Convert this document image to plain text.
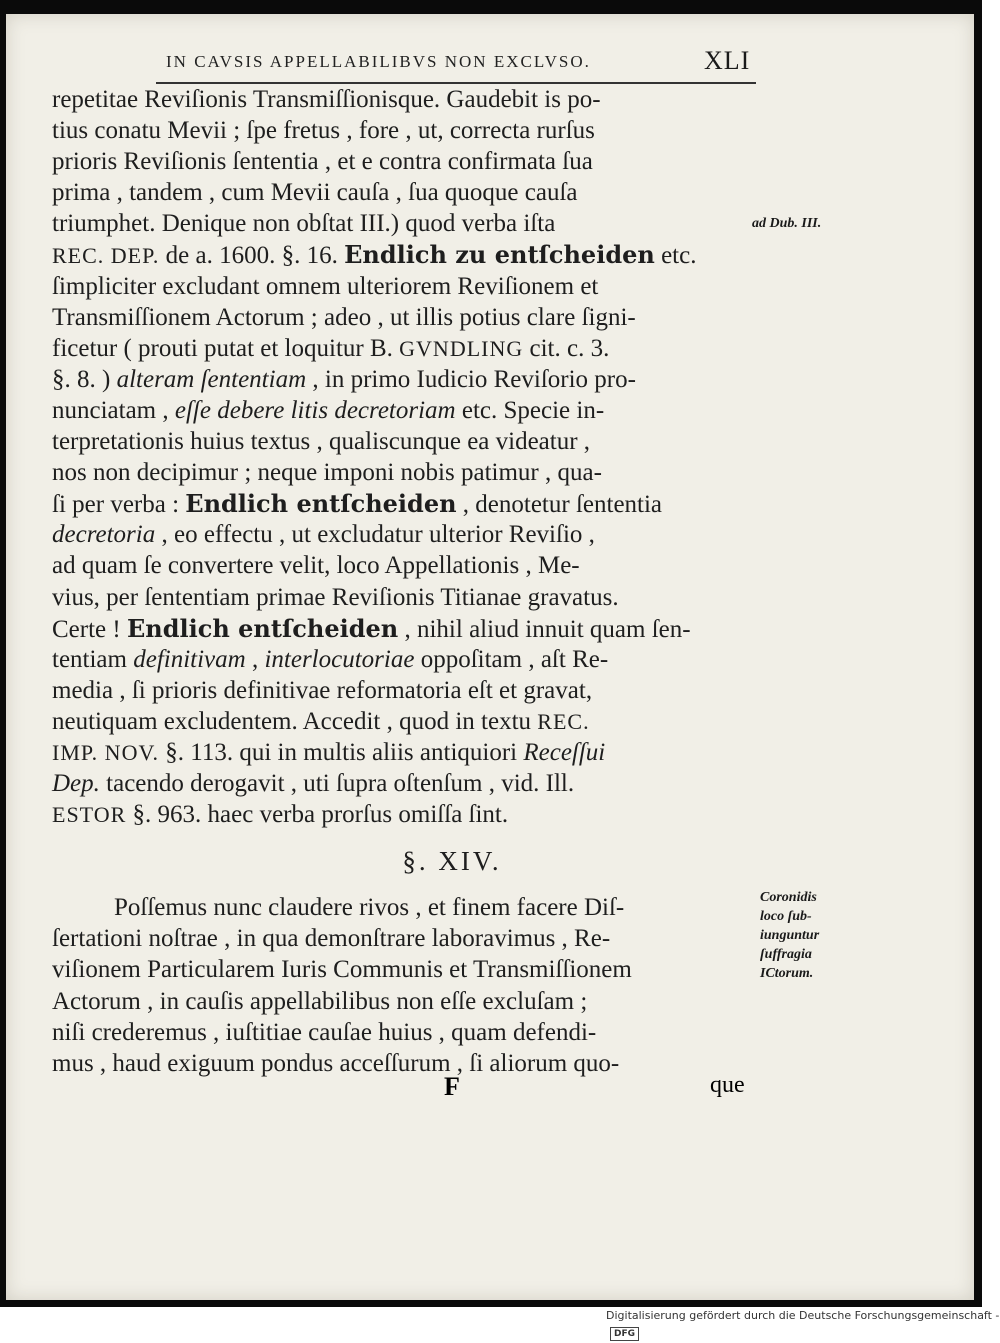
IN CAVSIS APPELLABILIBVS NON EXCLVSO.	XLI
repetitae Reviſionis Transmiſſionisque. Gaudebit is po-
tius conatu Mevii ; ſpe fretus , fore , ut, correcta rurſus
prioris Reviſionis ſententia , et e contra confirmata ſua
prima , tandem , cum Mevii cauſa , ſua quoque cauſa
triumphet. Denique non obſtat III.) quod verba iſta
REC. DEP. de a. 1600. §. 16. Endlich zu entſcheiden etc.
ſimpliciter excludant omnem ulteriorem Reviſionem et
Transmiſſionem Actorum ; adeo , ut illis potius clare ſigni-
ficetur ( prouti putat et loquitur B. GVNDLING cit. c. 3.
§. 8. ) alteram ſententiam , in primo Iudicio Reviſorio pro-
nunciatam , eſſe debere litis decretoriam etc. Specie in-
terpretationis huius textus , qualiscunque ea videatur ,
nos non decipimur ; neque imponi nobis patimur , qua-
ſi per verba : Endlich entſcheiden , denotetur ſententia
decretoria , eo effectu , ut excludatur ulterior Reviſio ,
ad quam ſe convertere velit, loco Appellationis , Me-
vius, per ſententiam primae Reviſionis Titianae gravatus.
Certe ! Endlich entſcheiden , nihil aliud innuit quam ſen-
tentiam definitivam , interlocutoriae oppoſitam , aſt Re-
media , ſi prioris definitivae reformatoria eſt et gravat,
neutiquam excludentem. Accedit , quod in textu REC.
IMP. NOV. §. 113. qui in multis aliis antiquiori Receſſui
Dep. tacendo derogavit , uti ſupra oſtenſum , vid. Ill.
ESTOR §. 963. haec verba prorſus omiſſa ſint.
§. XIV.
Poſſemus nunc claudere rivos , et finem facere Diſ-
ſertationi noſtrae , in qua demonſtrare laboravimus , Re-
viſionem Particularem Iuris Communis et Transmiſſionem
Actorum , in cauſis appellabilibus non eſſe excluſam ;
niſi crederemus , iuſtitiae cauſae huius , quam defendi-
mus , haud exiguum pondus acceſſurum , ſi aliorum quo-
ad Dub. III.
Coronidis
loco ſub-
iunguntur
ſuffragia
ICtorum.
F	que
Digitalisierung gefördert durch die Deutsche Forschungsgemeinschaft - DFG
